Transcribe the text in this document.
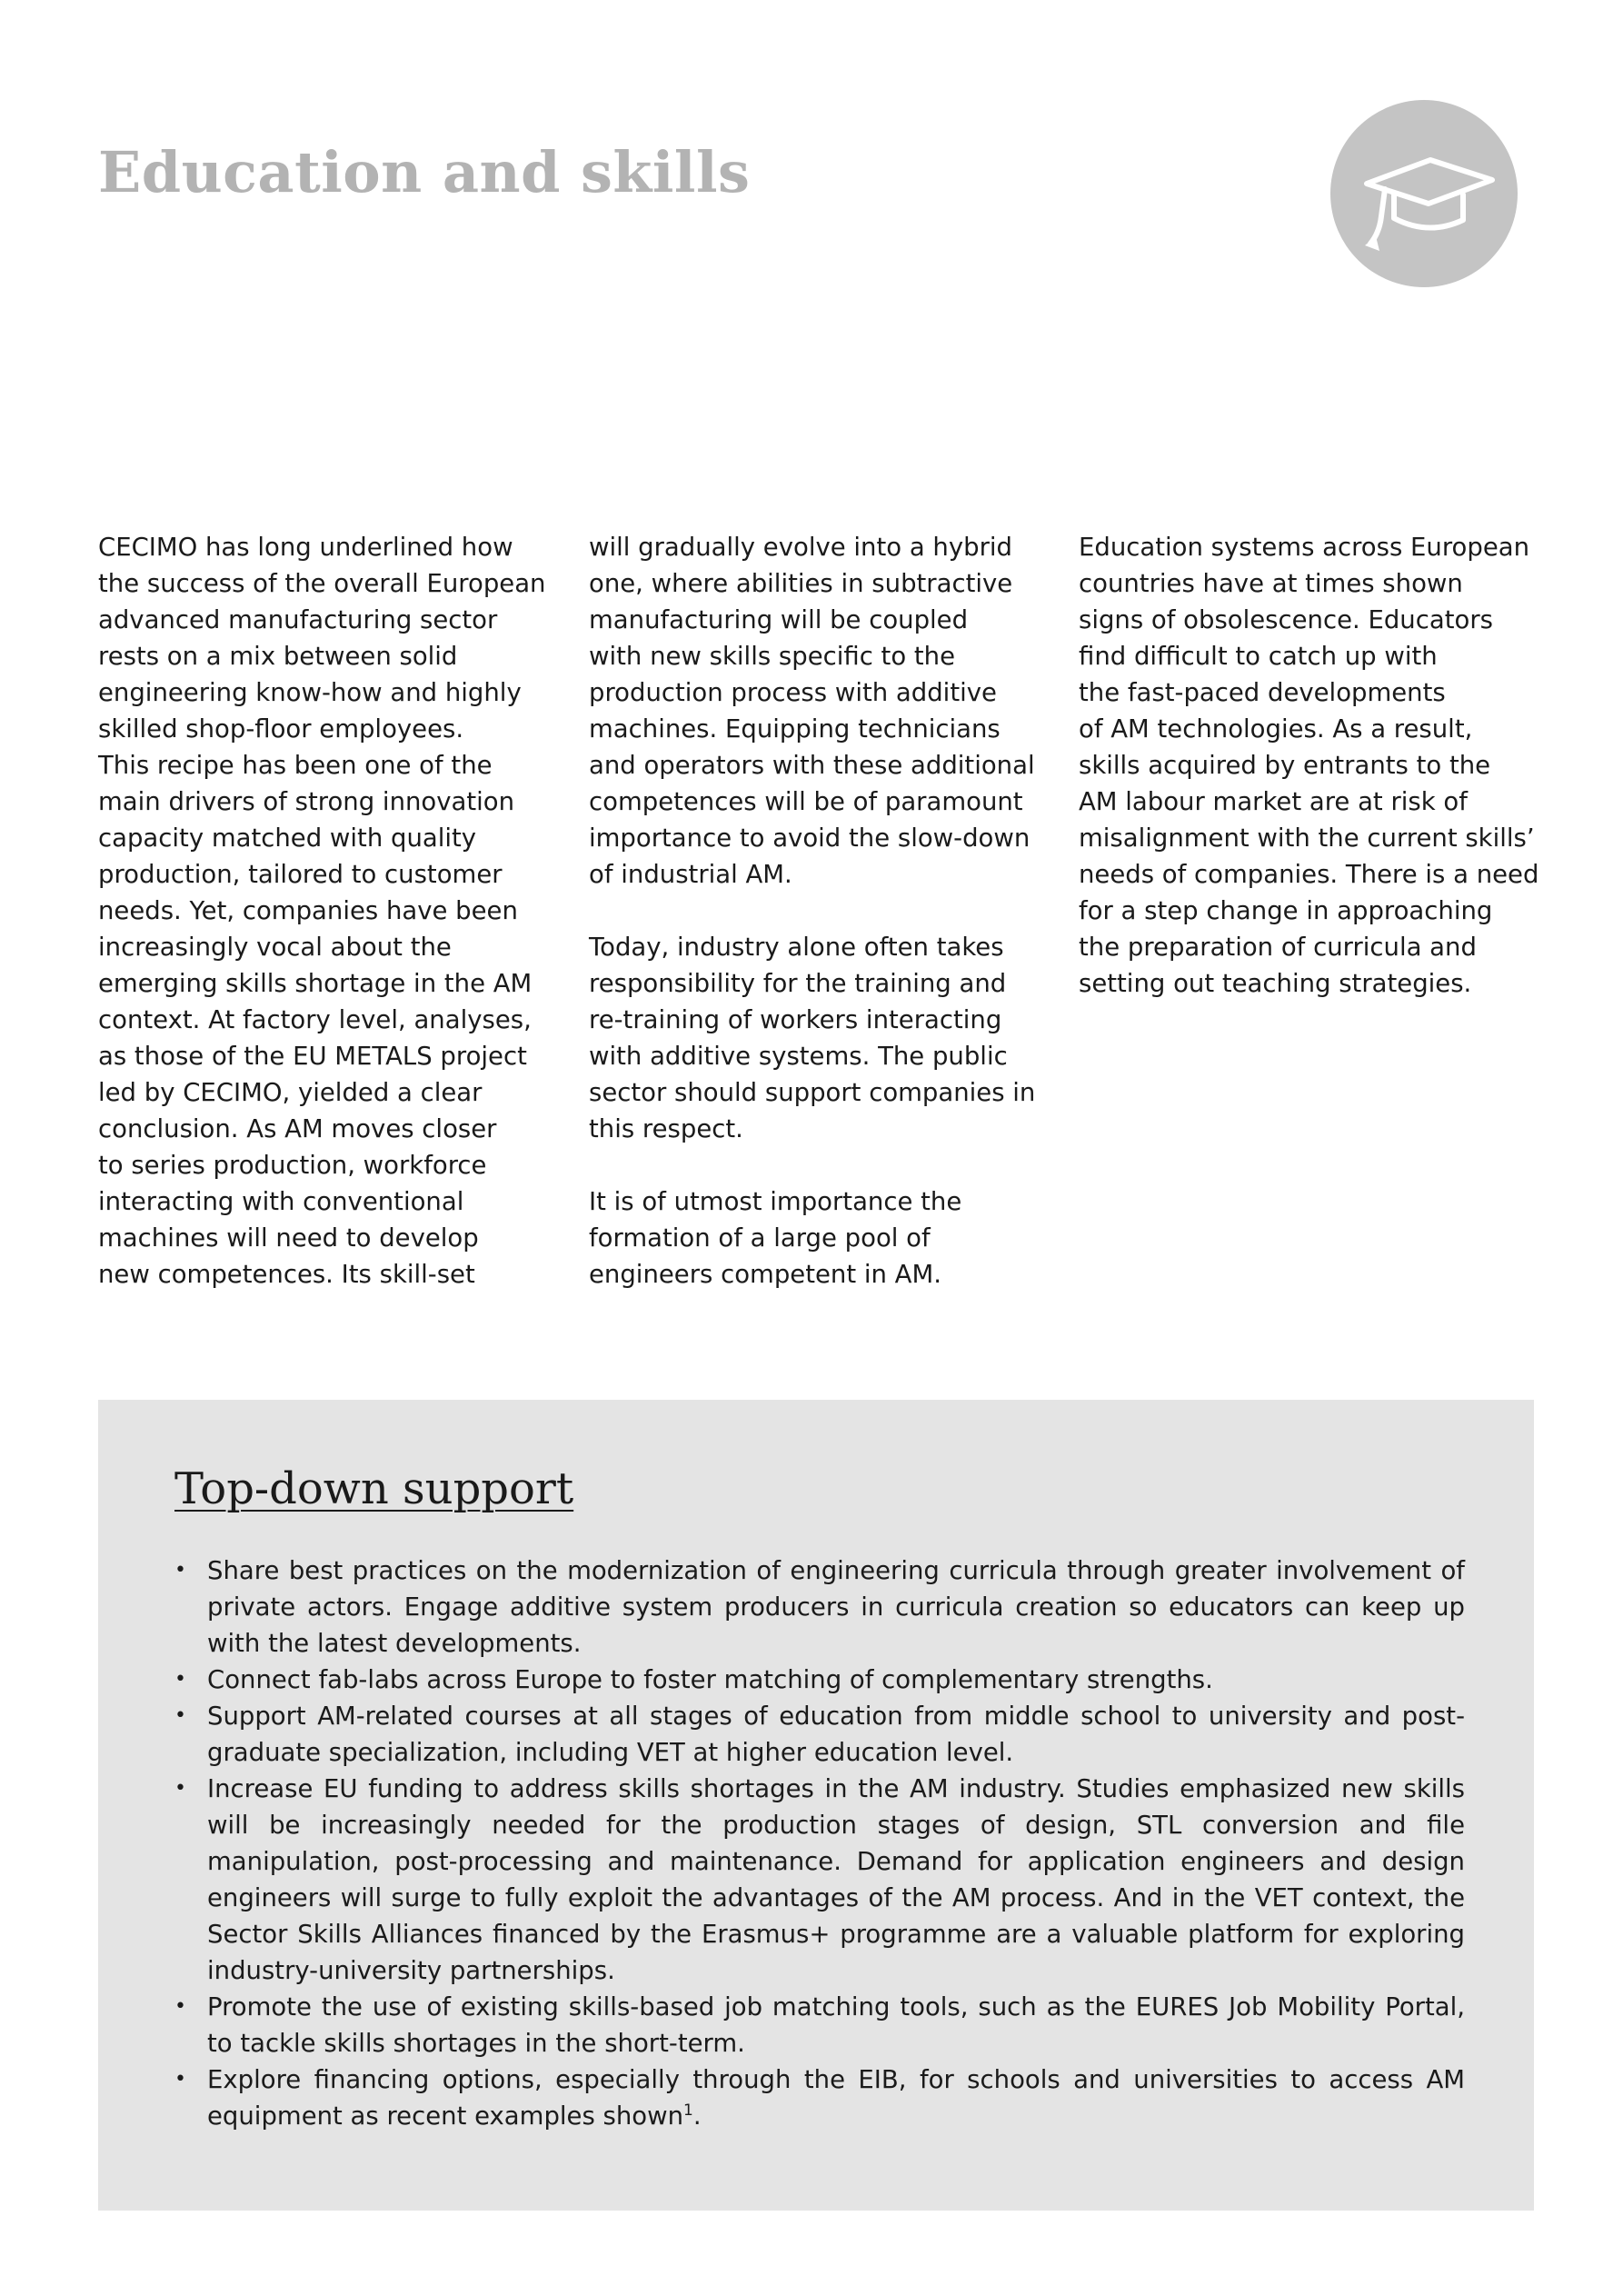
Education and skills

CECIMO has long underlined how
the success of the overall European
advanced manufacturing sector
rests on a mix between solid
engineering know-how and highly
skilled shop-floor employees.
This recipe has been one of the
main drivers of strong innovation
capacity matched with quality
production, tailored to customer
needs. Yet, companies have been
increasingly vocal about the
emerging skills shortage in the AM
context. At factory level, analyses,
as those of the EU METALS project
led by CECIMO, yielded a clear
conclusion. As AM moves closer
to series production, workforce
interacting with conventional
machines will need to develop
new competences. Its skill-set

will gradually evolve into a hybrid
one, where abilities in subtractive
manufacturing will be coupled
with new skills specific to the
production process with additive
machines. Equipping technicians
and operators with these additional
competences will be of paramount
importance to avoid the slow-down
of industrial AM.

Today, industry alone often takes
responsibility for the training and
re-training of workers interacting
with additive systems. The public
sector should support companies in
this respect.

It is of utmost importance the
formation of a large pool of
engineers competent in AM.

Education systems across European
countries have at times shown
signs of obsolescence. Educators
find difficult to catch up with
the fast-paced developments
of AM technologies. As a result,
skills acquired by entrants to the
AM labour market are at risk of
misalignment with the current skills’
needs of companies. There is a need
for a step change in approaching
the preparation of curricula and
setting out teaching strategies.

Top-down support
• Share best practices on the modernization of engineering curricula through greater involvement of private actors. Engage additive system producers in curricula creation so educators can keep up with the latest developments.
• Connect fab-labs across Europe to foster matching of complementary strengths.
• Support AM-related courses at all stages of education from middle school to university and post-graduate specialization, including VET at higher education level.
• Increase EU funding to address skills shortages in the AM industry. Studies emphasized new skills will be increasingly needed for the production stages of design, STL conversion and file manipulation, post-processing and maintenance. Demand for application engineers and design engineers will surge to fully exploit the advantages of the AM process. And in the VET context, the Sector Skills Alliances financed by the Erasmus+ programme are a valuable platform for exploring industry-university partnerships.
• Promote the use of existing skills-based job matching tools, such as the EURES Job Mobility Portal, to tackle skills shortages in the short-term.
• Explore financing options, especially through the EIB, for schools and universities to access AM equipment as recent examples shown$^1$.
